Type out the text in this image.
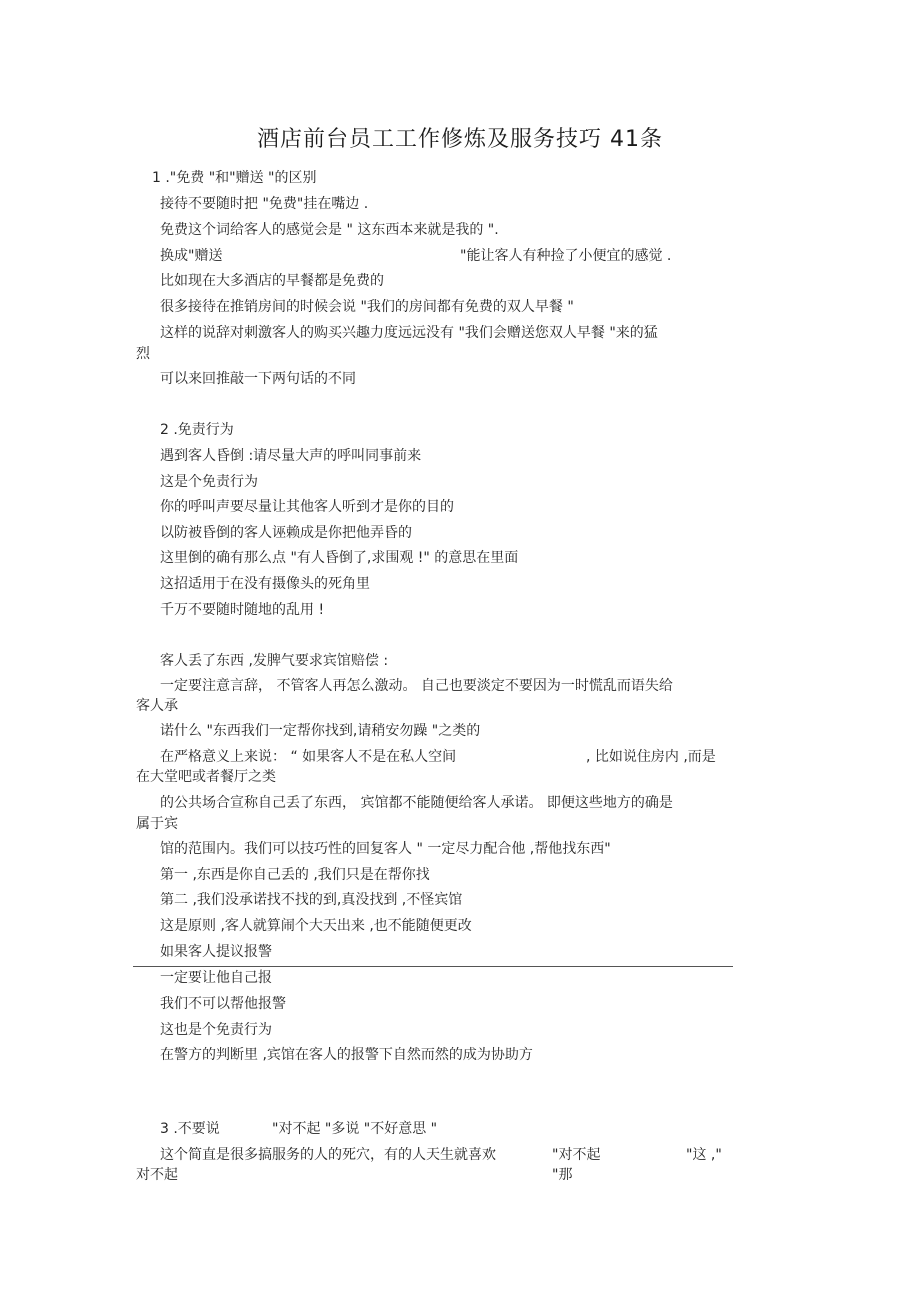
酒店前台员工工作修炼及服务技巧 41条
1 ."免费 "和"赠送 "的区别
接待不要随时把 "免费"挂在嘴边 .
免费这个词给客人的感觉会是 " 这东西本来就是我的 ".
换成"赠送	"能让客人有种捡了小便宜的感觉 .
比如现在大多酒店的早餐都是免费的
很多接待在推销房间的时候会说 "我们的房间都有免费的双人早餐 "
这样的说辞对刺激客人的购买兴趣力度远远没有 "我们会赠送您双人早餐 "来的猛
烈
可以来回推敲一下两句话的不同
2 .免责行为
遇到客人昏倒 :请尽量大声的呼叫同事前来
这是个免责行为
你的呼叫声要尽量让其他客人听到才是你的目的
以防被昏倒的客人诬赖成是你把他弄昏的
这里倒的确有那么点 "有人昏倒了,求围观 !" 的意思在里面
这招适用于在没有摄像头的死角里
千万不要随时随地的乱用 !
客人丢了东西 ,发脾气要求宾馆赔偿 :
一定要注意言辞， 不管客人再怎么激动。 自己也要淡定不要因为一时慌乱而语失给
客人承
诺什么 "东西我们一定帮你找到,请稍安勿躁 "之类的
在严格意义上来说： “ 如果客人不是在私人空间	, 比如说住房内 ,而是
在大堂吧或者餐厅之类
的公共场合宣称自己丢了东西， 宾馆都不能随便给客人承诺。 即便这些地方的确是
属于宾
馆的范围内。我们可以技巧性的回复客人 " 一定尽力配合他 ,帮他找东西"
第一 ,东西是你自己丢的 ,我们只是在帮你找
第二 ,我们没承诺找不找的到,真没找到 ,不怪宾馆
这是原则 ,客人就算闹个大天出来 ,也不能随便更改
如果客人提议报警
一定要让他自己报
我们不可以帮他报警
这也是个免责行为
在警方的判断里 ,宾馆在客人的报警下自然而然的成为协助方
3 .不要说	"对不起 "多说 "不好意思 "
这个简直是很多搞服务的人的死穴，有的人天生就喜欢	"对不起	"这 ,"
对不起	"那
